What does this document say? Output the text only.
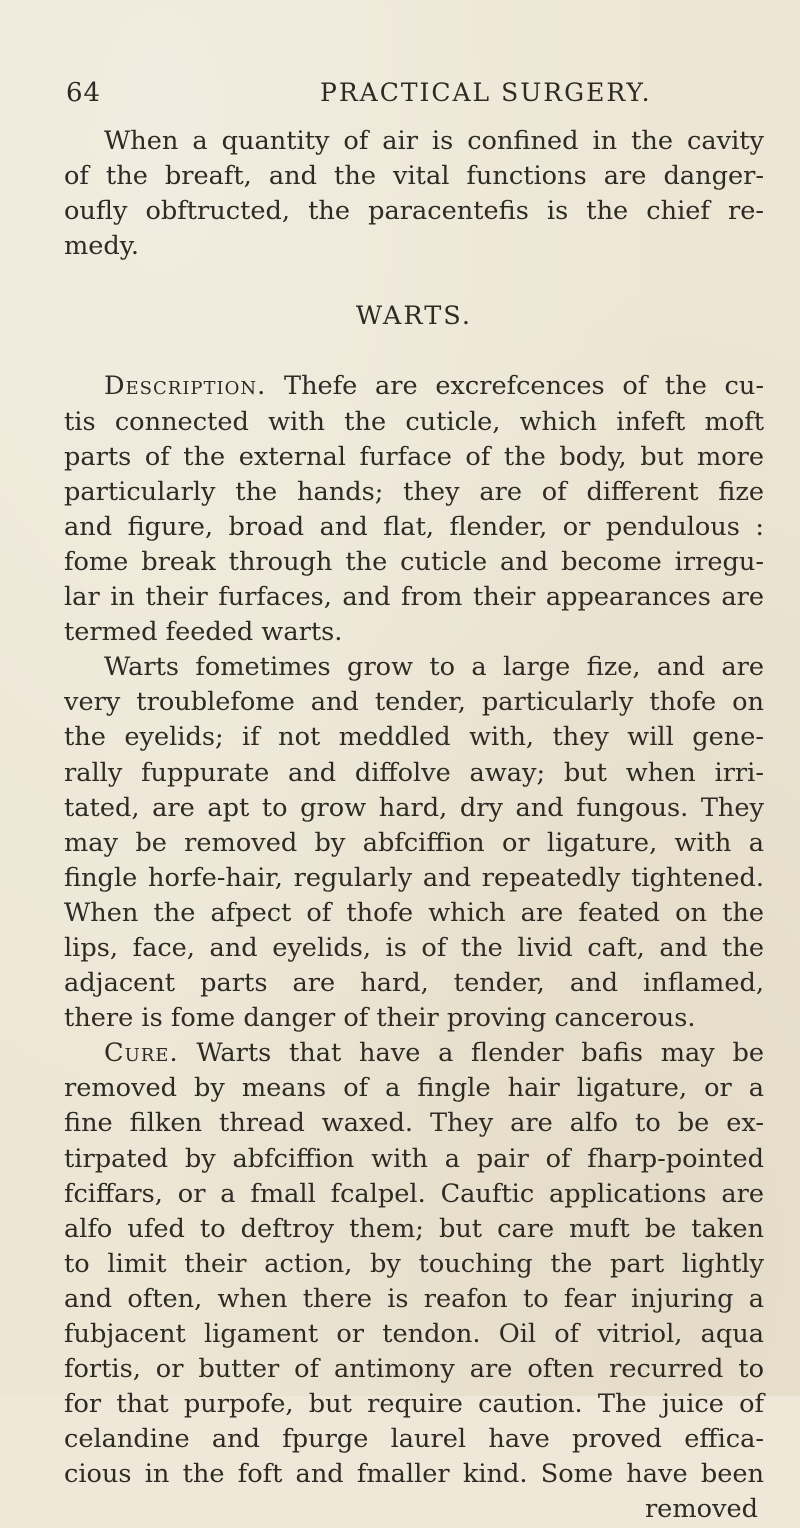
64	PRACTICAL SURGERY.
When a quantity of air is confined in the cavity
of the breaft, and the vital functions are danger-
oufly obftructed, the paracentefis is the chief re-
medy.
WARTS.
Description. Thefe are excrefcences of the cu-
tis connected with the cuticle, which infeft moft
parts of the external furface of the body, but more
particularly the hands; they are of different fize
and figure, broad and flat, flender, or pendulous :
fome break through the cuticle and become irregu-
lar in their furfaces, and from their appearances are
termed feeded warts.
Warts fometimes grow to a large fize, and are
very troublefome and tender, particularly thofe on
the eyelids; if not meddled with, they will gene-
rally fuppurate and diffolve away; but when irri-
tated, are apt to grow hard, dry and fungous. They
may be removed by abfciffion or ligature, with a
fingle horfe-hair, regularly and repeatedly tightened.
When the afpect of thofe which are feated on the
lips, face, and eyelids, is of the livid caft, and the
adjacent parts are hard, tender, and inflamed,
there is fome danger of their proving cancerous.
Cure. Warts that have a flender bafis may be
removed by means of a fingle hair ligature, or a
fine filken thread waxed. They are alfo to be ex-
tirpated by abfciffion with a pair of fharp-pointed
fciffars, or a fmall fcalpel. Cauftic applications are
alfo ufed to deftroy them; but care muft be taken
to limit their action, by touching the part lightly
and often, when there is reafon to fear injuring a
fubjacent ligament or tendon. Oil of vitriol, aqua
fortis, or butter of antimony are often recurred to
for that purpofe, but require caution. The juice of
celandine and fpurge laurel have proved effica-
cious in the foft and fmaller kind. Some have been
removed
